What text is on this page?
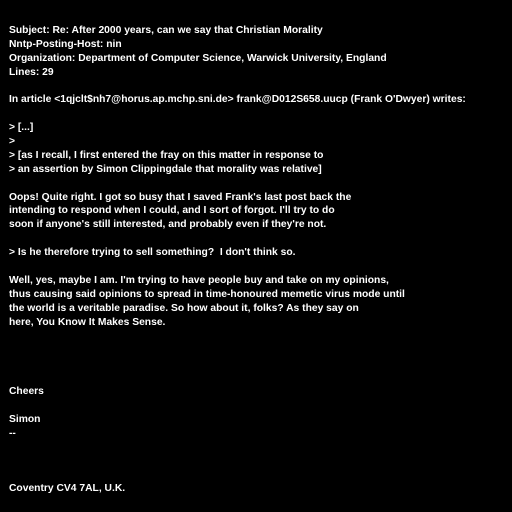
Subject: Re: After 2000 years, can we say that Christian Morality
Nntp-Posting-Host: nin
Organization: Department of Computer Science, Warwick University, England
Lines: 29
In article <1qjclt$nh7@horus.ap.mchp.sni.de> frank@D012S658.uucp (Frank O'Dwyer) writes:
> [...]
>
> [as I recall, I first entered the fray on this matter in response to
> an assertion by Simon Clippingdale that morality was relative]
Oops! Quite right. I got so busy that I saved Frank's last post back the
intending to respond when I could, and I sort of forgot. I'll try to do
soon if anyone's still interested, and probably even if they're not.
> Is he therefore trying to sell something?  I don't think so.
Well, yes, maybe I am. I'm trying to have people buy and take on my opinions,
thus causing said opinions to spread in time-honoured memetic virus mode until
the world is a veritable paradise. So how about it, folks? As they say on
here, You Know It Makes Sense.

Cheers
Simon
--

Coventry CV4 7AL, U.K.
